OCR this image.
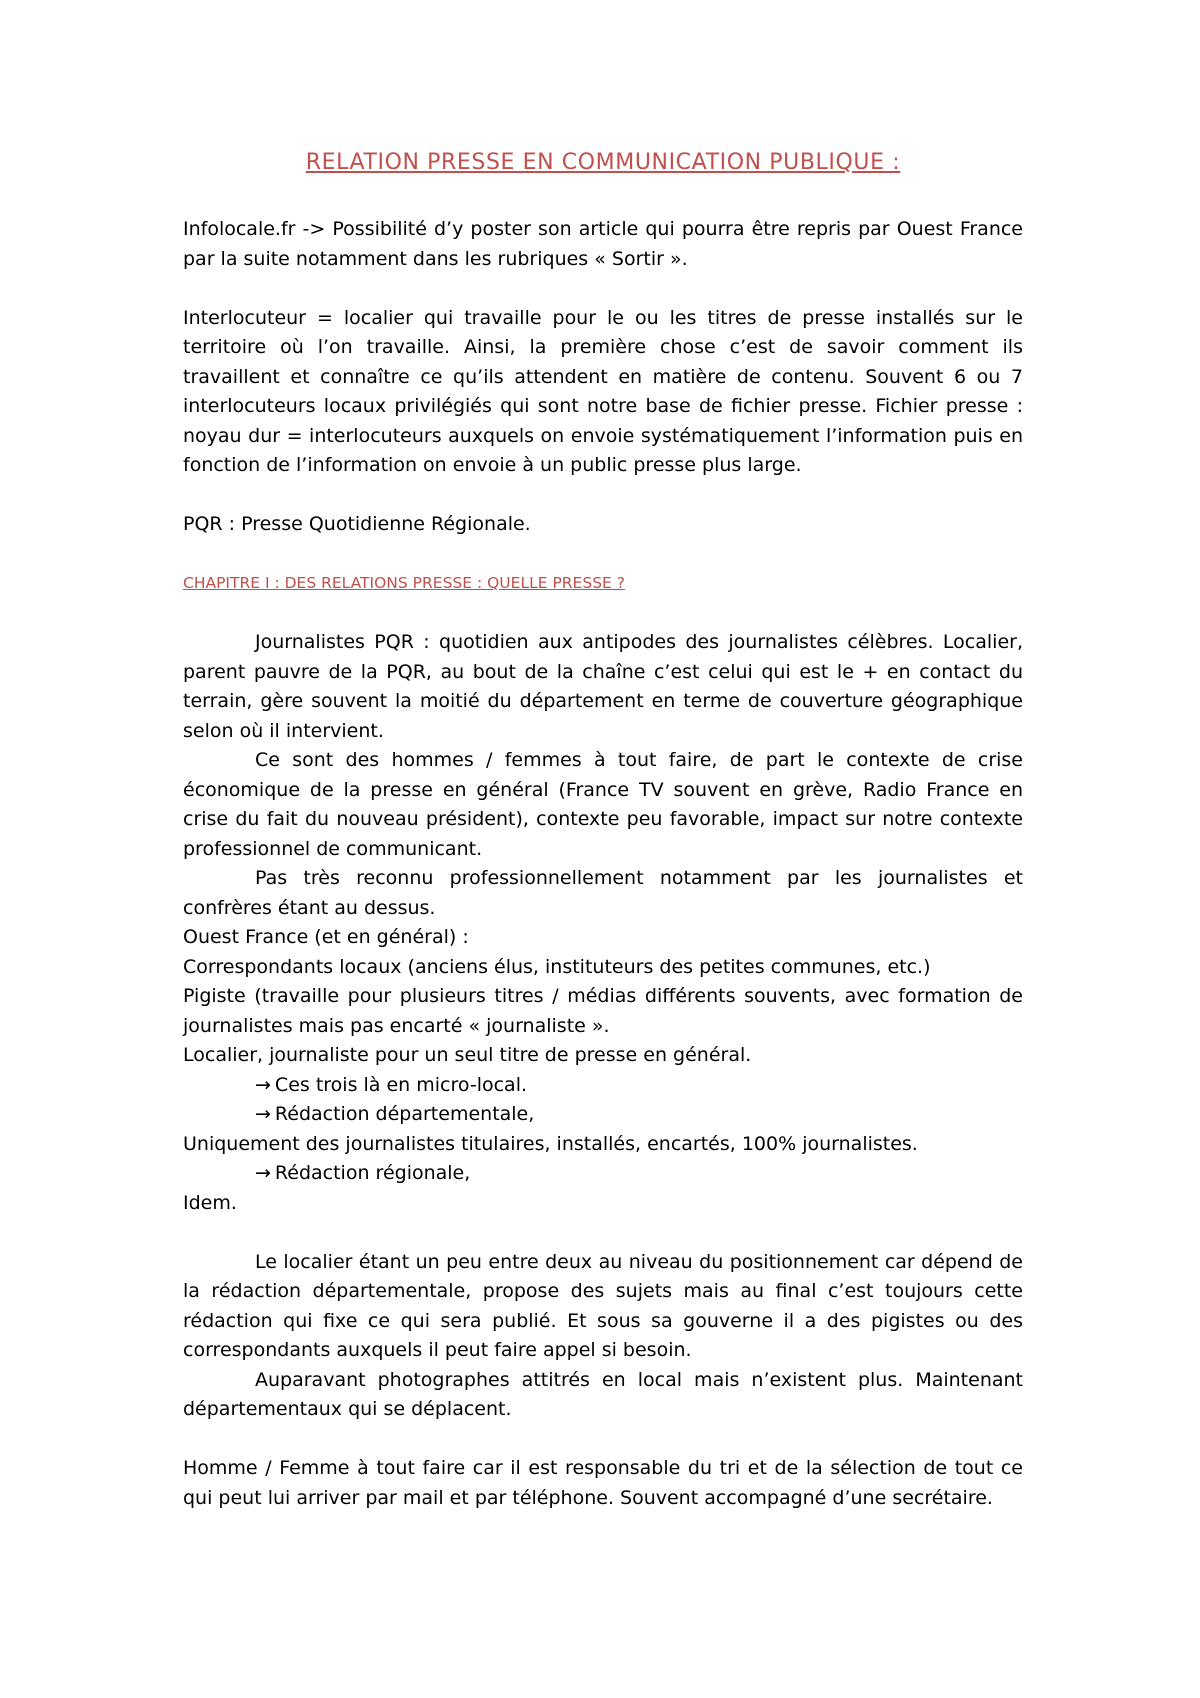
RELATION PRESSE EN COMMUNICATION PUBLIQUE :

Infolocale.fr -> Possibilité d’y poster son article qui pourra être repris par Ouest France par la suite notamment dans les rubriques « Sortir ».

Interlocuteur = localier qui travaille pour le ou les titres de presse installés sur le territoire où l’on travaille. Ainsi, la première chose c’est de savoir comment ils travaillent et connaître ce qu’ils attendent en matière de contenu. Souvent 6 ou 7 interlocuteurs locaux privilégiés qui sont notre base de fichier presse. Fichier presse : noyau dur = interlocuteurs auxquels on envoie systématiquement l’information puis en fonction de l’information on envoie à un public presse plus large.

PQR : Presse Quotidienne Régionale.

CHAPITRE I : DES RELATIONS PRESSE : QUELLE PRESSE ?

Journalistes PQR : quotidien aux antipodes des journalistes célèbres. Localier, parent pauvre de la PQR, au bout de la chaîne c’est celui qui est le + en contact du terrain, gère souvent la moitié du département en terme de couverture géographique selon où il intervient.

Ce sont des hommes / femmes à tout faire, de part le contexte de crise économique de la presse en général (France TV souvent en grève, Radio France en crise du fait du nouveau président), contexte peu favorable, impact sur notre contexte professionnel de communicant.

Pas très reconnu professionnellement notamment par les journalistes et confrères étant au dessus.

Ouest France (et en général) :

Correspondants locaux (anciens élus, instituteurs des petites communes, etc.)

Pigiste (travaille pour plusieurs titres / médias différents souvents, avec formation de journalistes mais pas encarté « journaliste ».

Localier, journaliste pour un seul titre de presse en général.

→ Ces trois là en micro-local.

→ Rédaction départementale,

Uniquement des journalistes titulaires, installés, encartés, 100% journalistes.

→ Rédaction régionale,

Idem.

Le localier étant un peu entre deux au niveau du positionnement car dépend de la rédaction départementale, propose des sujets mais au final c’est toujours cette rédaction qui fixe ce qui sera publié. Et sous sa gouverne il a des pigistes ou des correspondants auxquels il peut faire appel si besoin.

Auparavant photographes attitrés en local mais n’existent plus. Maintenant départementaux qui se déplacent.

Homme / Femme à tout faire car il est responsable du tri et de la sélection de tout ce qui peut lui arriver par mail et par téléphone. Souvent accompagné d’une secrétaire.
